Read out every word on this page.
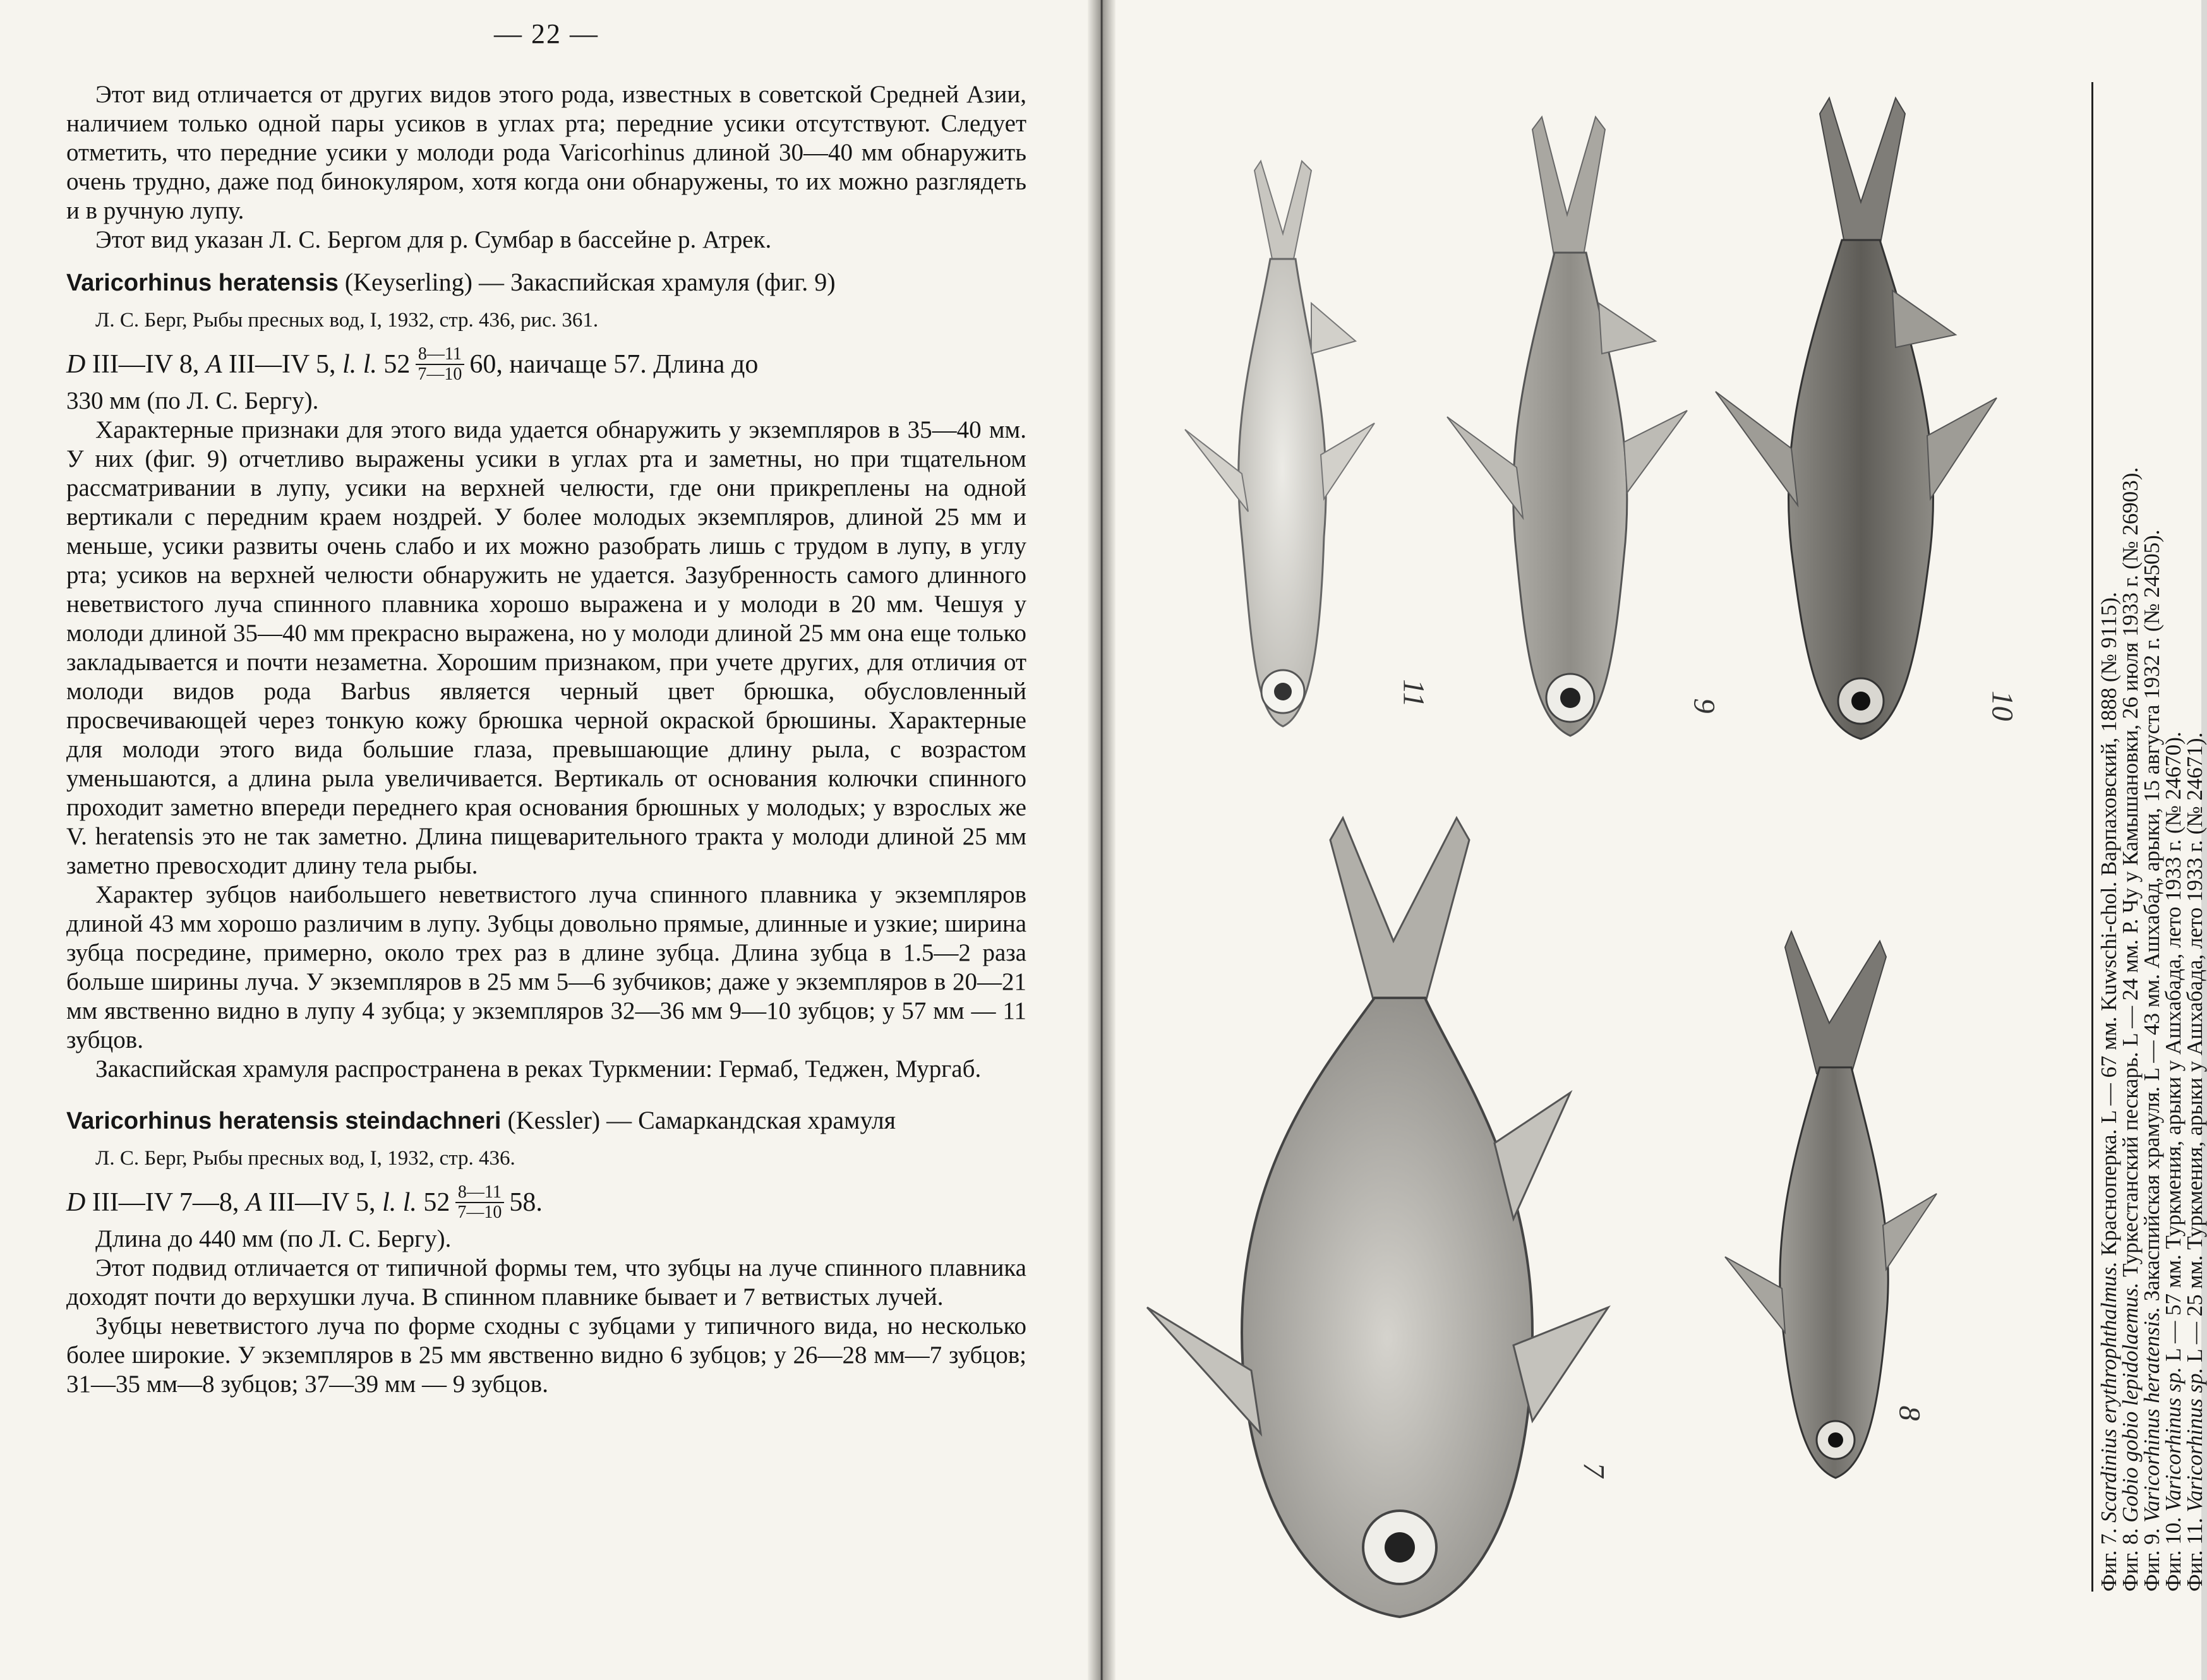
— 22 —

Этот вид отличается от других видов этого рода, известных в советской Средней Азии, наличием только одной пары усиков в углах рта; передние усики отсутствуют. Следует отметить, что передние усики у молоди рода Varicorhinus длиной 30—40 мм обнаружить очень трудно, даже под бинокуляром, хотя когда они обнаружены, то их можно разглядеть и в ручную лупу.

Этот вид указан Л. С. Бергом для р. Сумбар в бассейне р. Атрек.

Varicorhinus heratensis (Keyserling) — Закаспийская храмуля (фиг. 9)
Л. С. Берг, Рыбы пресных вод, I, 1932, стр. 436, рис. 361.
D
III—IV 8,
A
III—IV 5,
l. l.
$52 \frac{8—11}{7—10} 60$, наичаще 57. Длина до

330 мм (по Л. С. Бергу).

Характерные признаки для этого вида удается обнаружить у экземпляров в 35—40 мм. У них (фиг. 9) отчетливо выражены усики в углах рта и заметны, но при тщательном рассматривании в лупу, усики на верхней челюсти, где они прикреплены на одной вертикали с передним краем ноздрей. У более молодых экземпляров, длиной 25 мм и меньше, усики развиты очень слабо и их можно разобрать лишь с трудом в лупу, в углу рта; усиков на верхней челюсти обнаружить не удается. Зазубренность самого длинного неветвистого луча спинного плавника хорошо выражена и у молоди в 20 мм. Чешуя у молоди длиной 35—40 мм прекрасно выражена, но у молоди длиной 25 мм она еще только закладывается и почти незаметна. Хорошим признаком, при учете других, для отличия от молоди видов рода Barbus является черный цвет брюшка, обусловленный просвечивающей через тонкую кожу брюшка черной окраской брюшины. Характерные для молоди этого вида большие глаза, превышающие длину рыла, с возрастом уменьшаются, а длина рыла увеличивается. Вертикаль от основания колючки спинного проходит заметно впереди переднего края основания брюшных у молодых; у взрослых же V. heratensis это не так заметно. Длина пищеварительного тракта у молоди длиной 25 мм заметно превосходит длину тела рыбы.

Характер зубцов наибольшего неветвистого луча спинного плавника у экземпляров длиной 43 мм хорошо различим в лупу. Зубцы довольно прямые, длинные и узкие; ширина зубца посредине, примерно, около трех раз в длине зубца. Длина зубца в 1.5—2 раза больше ширины луча. У экземпляров в 25 мм 5—6 зубчиков; даже у экземпляров в 20—21 мм явственно видно в лупу 4 зубца; у экземпляров 32—36 мм 9—10 зубцов; у 57 мм — 11 зубцов.

Закаспийская храмуля распространена в реках Туркмении: Гермаб, Теджен, Мургаб.

Varicorhinus heratensis steindachneri (Kessler) — Самаркандская храмуля
Л. С. Берг, Рыбы пресных вод, I, 1932, стр. 436.
D
III—IV 7—8,
A
III—IV 5,
l. l.
$52 \frac{8—11}{7—10} 58$.

Длина до 440 мм (по Л. С. Бергу).

Этот подвид отличается от типичной формы тем, что зубцы на луче спинного плавника доходят почти до верхушки луча. В спинном плавнике бывает и 7 ветвистых лучей.

Зубцы неветвистого луча по форме сходны с зубцами у типичного вида, но несколько более широкие. У экземпляров в 25 мм явственно видно 6 зубцов; у 26—28 мм—7 зубцов; 31—35 мм—8 зубцов; 37—39 мм — 9 зубцов.

11	9	10
7
8
Фиг. 7. Scardinius erythrophthalmus. Красноперка. L — 67 мм. Kuwschi-chol. Варпаховский, 1888 (№ 9115).
Фиг. 8. Gobio gobio lepidolaemus. Туркестанский пескарь. L — 24 мм. Р. Чу у Камышановки, 26 июля 1933 г. (№ 26903).
Фиг. 9. Varicorhinus heratensis. Закаспийская храмуля. L — 43 мм. Ашхабад, арыки, 15 августа 1932 г. (№ 24505).
Фиг. 10. Varicorhinus sp. L — 57 мм. Туркмения, арыки у Ашхабада, лето 1933 г. (№ 24670).
Фиг. 11. Varicorhinus sp. L — 25 мм. Туркмения, арыки у Ашхабада, лето 1933 г. (№ 24671).
